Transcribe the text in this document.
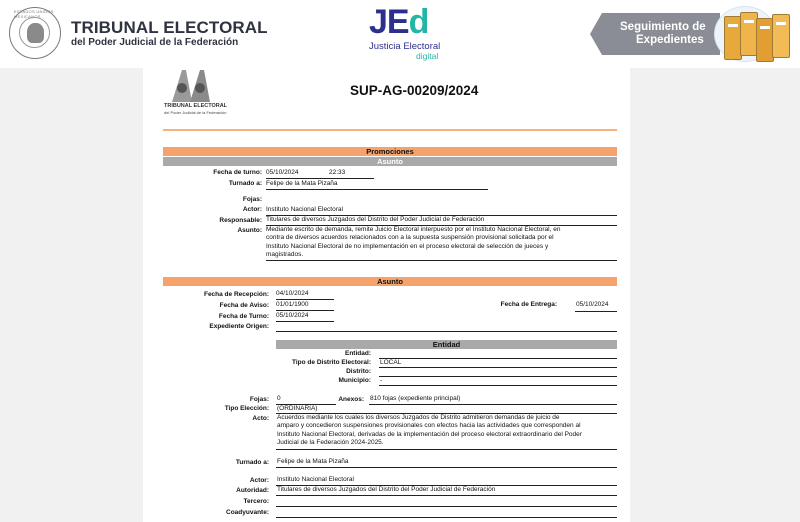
ESTADOS UNIDOS MEXICANOS
TRIBUNAL ELECTORAL
del Poder Judicial de la Federación
JEd
Justicia Electoral
digital
Seguimiento de
Expedientes
TRIBUNAL ELECTORAL
del Poder Judicial de la Federación
SUP-AG-00209/2024
Promociones
Asunto
Fecha de turno: 05/10/2024	22:33
Turnado a: Felipe de la Mata Pizaña
Fojas:
Actor: Instituto Nacional Electoral
Responsable: Titulares de diversos Juzgados del Distrito del Poder Judicial de Federación
Asunto: Mediante escrito de demanda, remite Juicio Electoral interpuesto por el Instituto Nacional Electoral, en
contra de diversos acuerdos relacionados con a la supuesta suspensión provisional solicitada por el
Instituto Nacional Electoral de no implementación en el proceso electoral de selección de jueces y
magistrados.
Asunto
Fecha de Recepción: 04/10/2024
Fecha de Aviso: 01/01/1900	Fecha de Entrega:	05/10/2024
Fecha de Turno: 05/10/2024
Expediente Origen:
Entidad
Entidad:
Tipo de Distrito Electoral: LOCAL
Distrito:
Municipio: -
Fojas: 0	Anexos: 810 fojas (expediente principal)
Tipo Elección: (ORDINARIA)
Acto: Acuerdos mediante los cuales los diversos Juzgados de Distrito admitieron demandas de juicio de
amparo y concedieron suspensiones provisionales con efectos hacia las actividades que corresponden al
Instituto Nacional Electoral, derivadas de la implementación del proceso electoral extraordinario del Poder
Judicial de la Federación 2024-2025.
Turnado a: Felipe de la Mata Pizaña
Actor: Instituto Nacional Electoral
Autoridad: Titulares de diversos Juzgados del Distrito del Poder Judicial de Federación
Tercero:
Coadyuvante:
